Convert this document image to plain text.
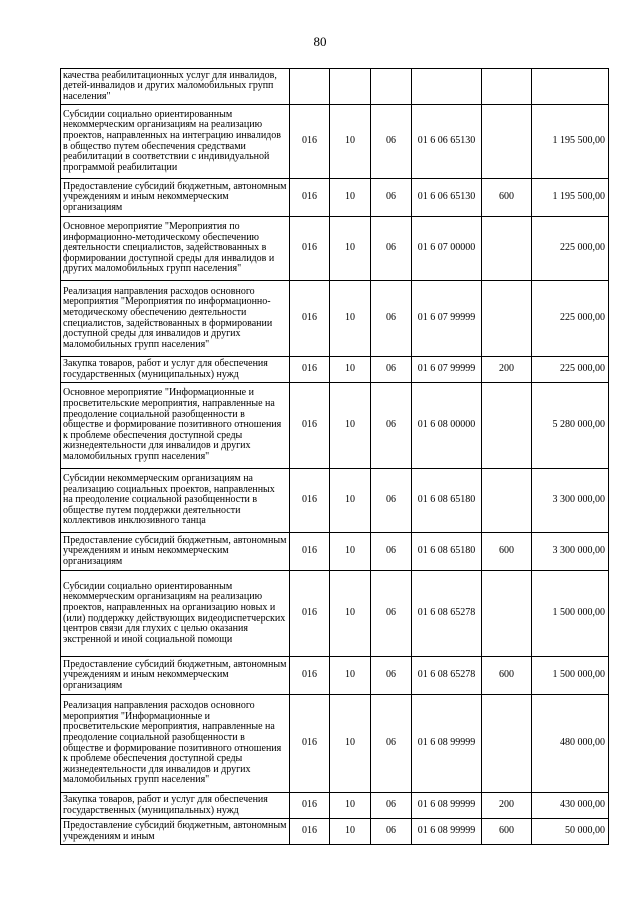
80
качества реабилитационных услуг для инвалидов, детей-инвалидов и других маломобильных групп населения"						
Субсидии социально ориентированным некоммерческим организациям на реализацию проектов, направленных на интеграцию инвалидов в общество путем обеспечения средствами реабилитации в соответствии с индивидуальной программой реабилитации	016	10	06	01 6 06 65130		1 195 500,00
Предоставление субсидий бюджетным, автономным учреждениям и иным некоммерческим организациям	016	10	06	01 6 06 65130	600	1 195 500,00
Основное мероприятие "Мероприятия по информационно-методическому обеспечению деятельности специалистов, задействованных в формировании доступной среды для инвалидов и других маломобильных групп населения"	016	10	06	01 6 07 00000		225 000,00
Реализация направления расходов основного мероприятия "Мероприятия по информационно-методическому обеспечению деятельности специалистов, задействованных в формировании доступной среды для инвалидов и других маломобильных групп населения"	016	10	06	01 6 07 99999		225 000,00
Закупка товаров, работ и услуг для обеспечения государственных (муниципальных) нужд	016	10	06	01 6 07 99999	200	225 000,00
Основное мероприятие "Информационные и просветительские мероприятия, направленные на преодоление социальной разобщенности в обществе и формирование позитивного отношения к проблеме обеспечения доступной среды жизнедеятельности для инвалидов и других маломобильных групп населения"	016	10	06	01 6 08 00000		5 280 000,00
Субсидии некоммерческим организациям на реализацию социальных проектов, направленных на преодоление социальной разобщенности в обществе путем поддержки деятельности коллективов инклюзивного танца	016	10	06	01 6 08 65180		3 300 000,00
Предоставление субсидий бюджетным, автономным учреждениям и иным некоммерческим организациям	016	10	06	01 6 08 65180	600	3 300 000,00
Субсидии социально ориентированным некоммерческим организациям на реализацию проектов, направленных на организацию новых и (или) поддержку действующих видеодиспетчерских центров связи для глухих с целью оказания экстренной и иной социальной помощи	016	10	06	01 6 08 65278		1 500 000,00
Предоставление субсидий бюджетным, автономным учреждениям и иным некоммерческим организациям	016	10	06	01 6 08 65278	600	1 500 000,00
Реализация направления расходов основного мероприятия "Информационные и просветительские мероприятия, направленные на преодоление социальной разобщенности в обществе и формирование позитивного отношения к проблеме обеспечения доступной среды жизнедеятельности для инвалидов и других маломобильных групп населения"	016	10	06	01 6 08 99999		480 000,00
Закупка товаров, работ и услуг для обеспечения государственных (муниципальных) нужд	016	10	06	01 6 08 99999	200	430 000,00
Предоставление субсидий бюджетным, автономным учреждениям и иным	016	10	06	01 6 08 99999	600	50 000,00
